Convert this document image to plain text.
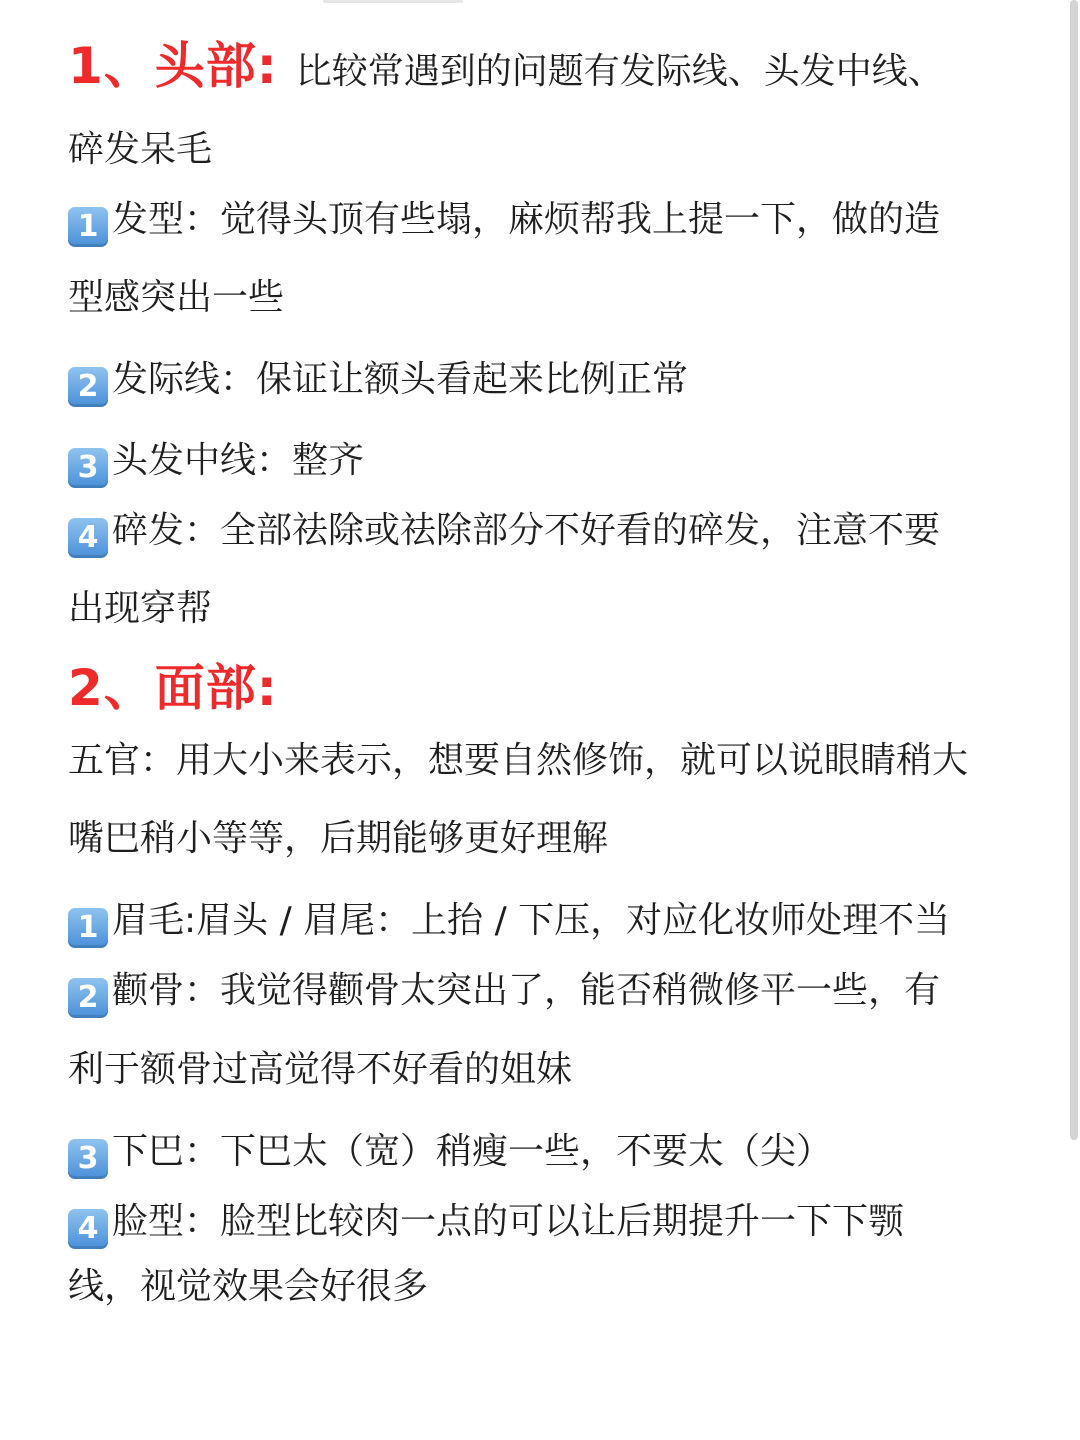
1、头部: 比较常遇到的问题有发际线、头发中线、
碎发呆毛
1 发型：觉得头顶有些塌，麻烦帮我上提一下，做的造
型感突出一些
2 发际线：保证让额头看起来比例正常
3 头发中线：整齐
4 碎发：全部祛除或祛除部分不好看的碎发，注意不要
出现穿帮
2、面部:
五官：用大小来表示，想要自然修饰，就可以说眼睛稍大
嘴巴稍小等等，后期能够更好理解
1 眉毛:眉头 / 眉尾：上抬 / 下压，对应化妆师处理不当
2 颧骨：我觉得颧骨太突出了，能否稍微修平一些，有
利于额骨过高觉得不好看的姐妹
3 下巴：下巴太（宽）稍瘦一些，不要太（尖）
4 脸型：脸型比较肉一点的可以让后期提升一下下颚
线，视觉效果会好很多
